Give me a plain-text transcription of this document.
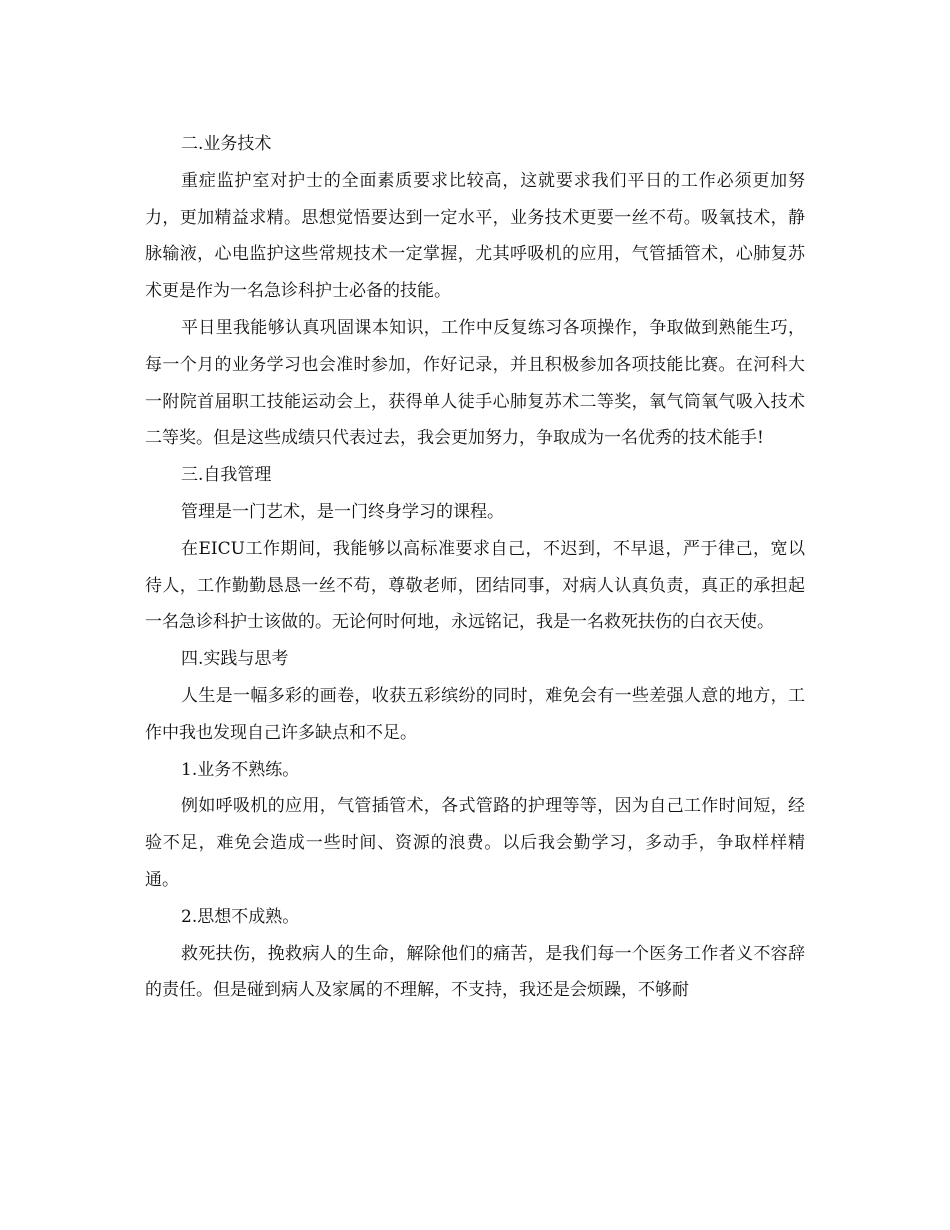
二.业务技术

重症监护室对护士的全面素质要求比较高，这就要求我们平日的工作必须更加努力，更加精益求精。思想觉悟要达到一定水平，业务技术更要一丝不苟。吸氧技术，静脉输液，心电监护这些常规技术一定掌握，尤其呼吸机的应用，气管插管术，心肺复苏术更是作为一名急诊科护士必备的技能。

平日里我能够认真巩固课本知识，工作中反复练习各项操作，争取做到熟能生巧，每一个月的业务学习也会准时参加，作好记录，并且积极参加各项技能比赛。在河科大一附院首届职工技能运动会上，获得单人徒手心肺复苏术二等奖，氧气筒氧气吸入技术二等奖。但是这些成绩只代表过去，我会更加努力，争取成为一名优秀的技术能手!

三.自我管理

管理是一门艺术，是一门终身学习的课程。

在EICU工作期间，我能够以高标准要求自己，不迟到，不早退，严于律己，宽以待人，工作勤勤恳恳一丝不苟，尊敬老师，团结同事，对病人认真负责，真正的承担起一名急诊科护士该做的。无论何时何地，永远铭记，我是一名救死扶伤的白衣天使。

四.实践与思考

人生是一幅多彩的画卷，收获五彩缤纷的同时，难免会有一些差强人意的地方，工作中我也发现自己许多缺点和不足。

1.业务不熟练。

例如呼吸机的应用，气管插管术，各式管路的护理等等，因为自己工作时间短，经验不足，难免会造成一些时间、资源的浪费。以后我会勤学习，多动手，争取样样精通。

2.思想不成熟。

救死扶伤，挽救病人的生命，解除他们的痛苦，是我们每一个医务工作者义不容辞的责任。但是碰到病人及家属的不理解，不支持，我还是会烦躁，不够耐
